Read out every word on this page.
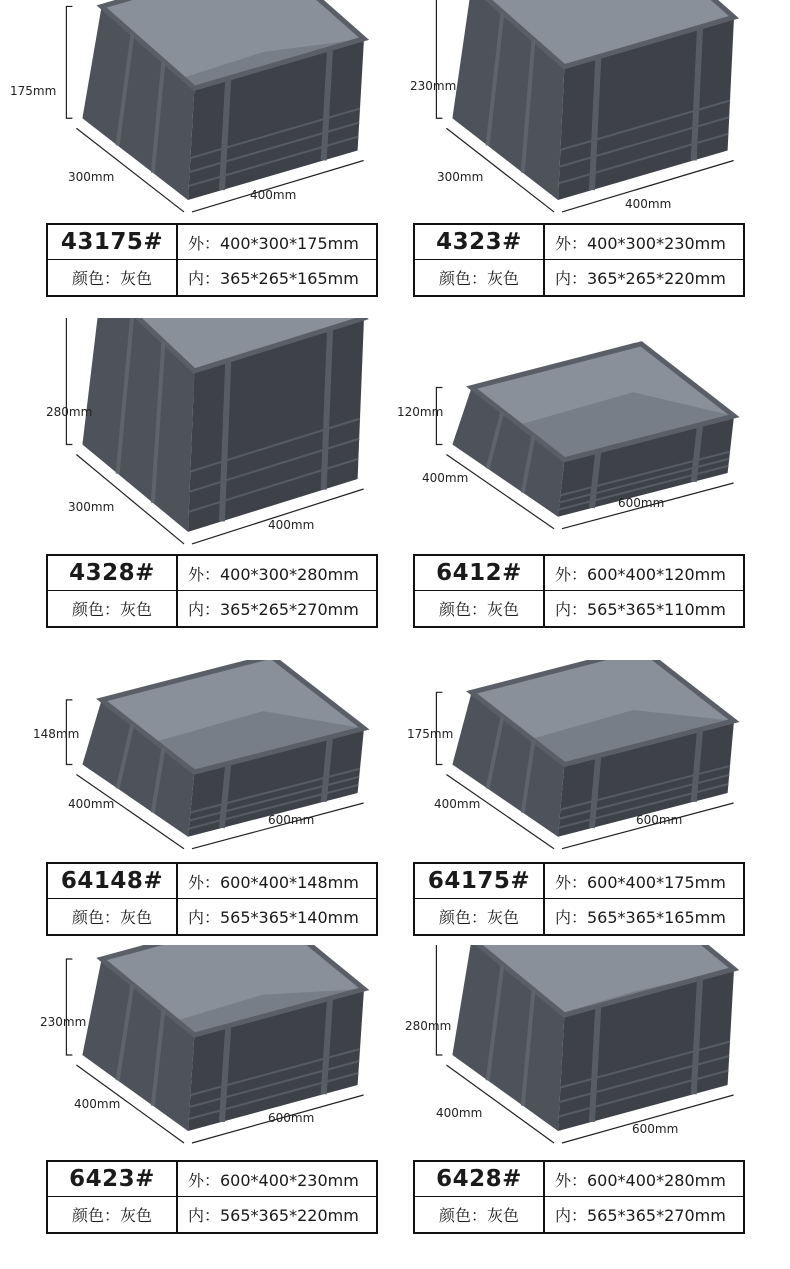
175mm
300mm
400mm
43175#	外：400*300*175mm
颜色：灰色	内：365*265*165mm
230mm
300mm
400mm
4323#	外：400*300*230mm
颜色：灰色	内：365*265*220mm
280mm
300mm
400mm
4328#	外：400*300*280mm
颜色：灰色	内：365*265*270mm
120mm
400mm
600mm
6412#	外：600*400*120mm
颜色：灰色	内：565*365*110mm
148mm
400mm
600mm
64148#	外：600*400*148mm
颜色：灰色	内：565*365*140mm
175mm
400mm
600mm
64175#	外：600*400*175mm
颜色：灰色	内：565*365*165mm
230mm
400mm
600mm
6423#	外：600*400*230mm
颜色：灰色	内：565*365*220mm
280mm
400mm
600mm
6428#	外：600*400*280mm
颜色：灰色	内：565*365*270mm
